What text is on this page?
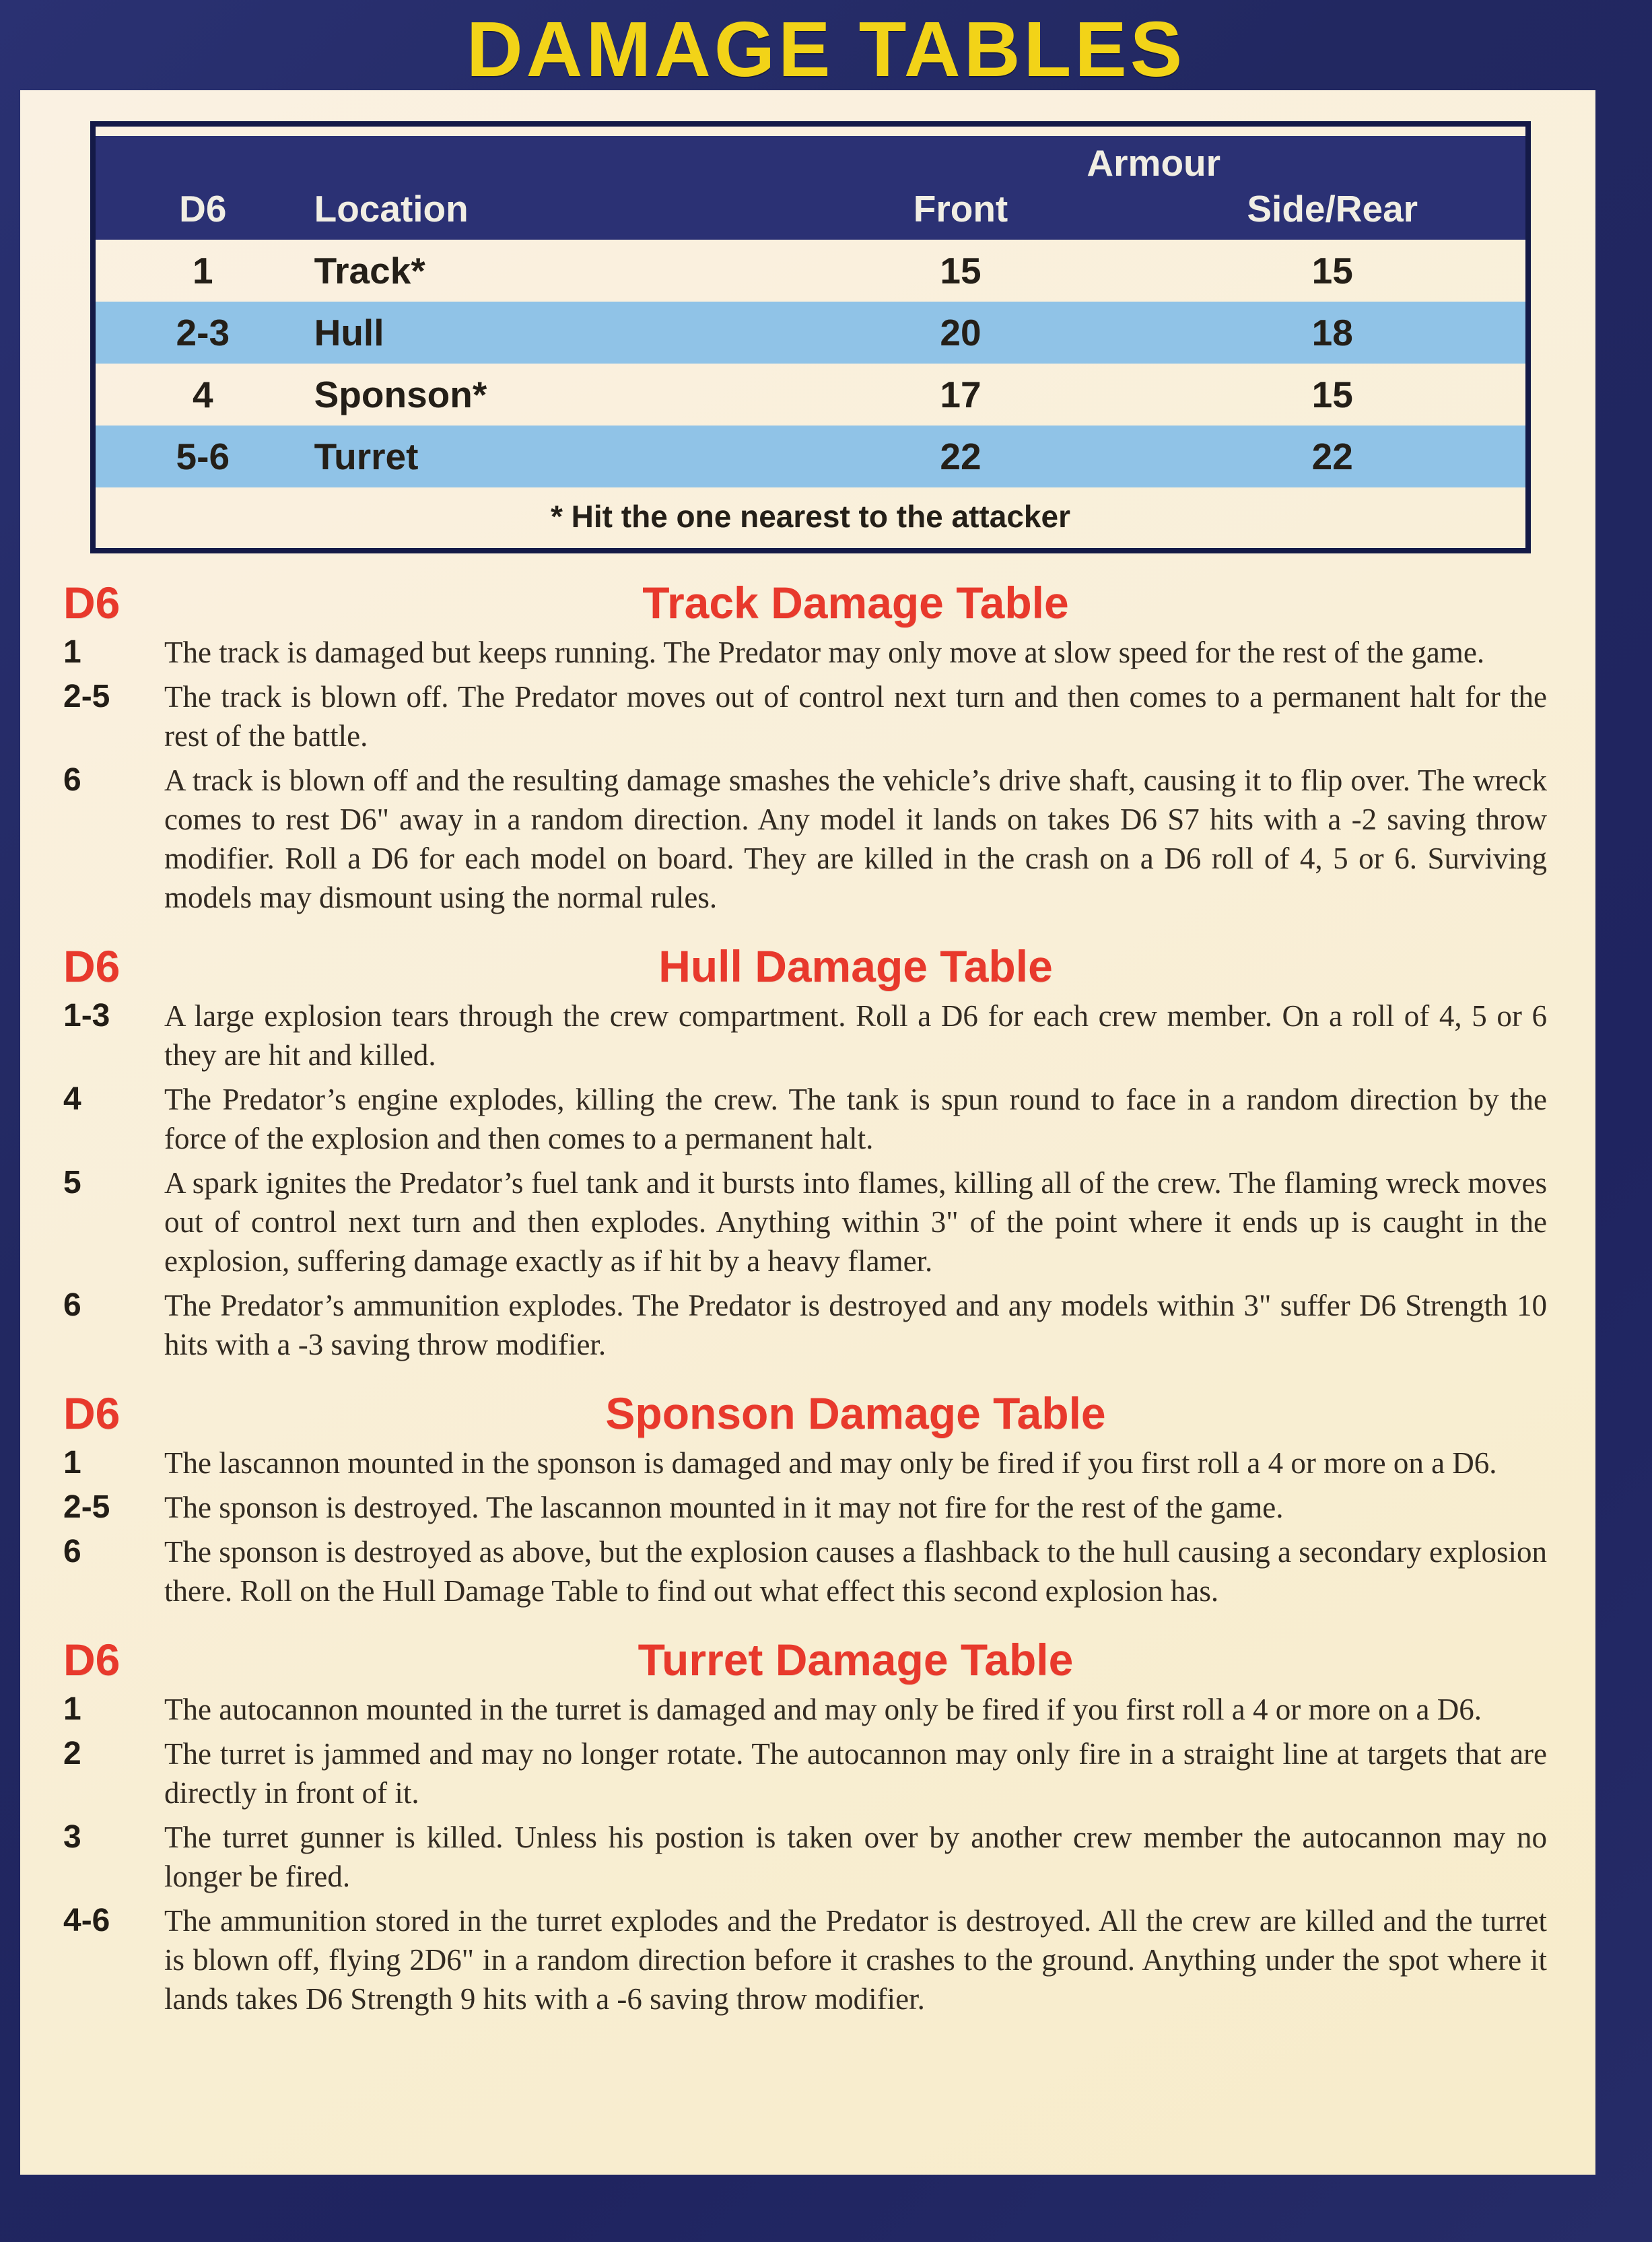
DAMAGE TABLES
Armour
D6	Location	Front	Side/Rear
1	Track*	15	15
2-3	Hull	20	18
4	Sponson*	17	15
5-6	Turret	22	22
* Hit the one nearest to the attacker
D6	Track Damage Table
1	The track is damaged but keeps running. The Predator may only move at slow speed for the rest of the game.
2-5	The track is blown off. The Predator moves out of control next turn and then comes to a permanent halt for the rest of the battle.
6	A track is blown off and the resulting damage smashes the vehicle’s drive shaft, causing it to flip over. The wreck comes to rest D6" away in a random direction. Any model it lands on takes D6 S7 hits with a -2 saving throw modifier. Roll a D6 for each model on board. They are killed in the crash on a D6 roll of 4, 5 or 6. Surviving models may dismount using the normal rules.
D6	Hull Damage Table
1-3	A large explosion tears through the crew compartment. Roll a D6 for each crew member. On a roll of 4, 5 or 6 they are hit and killed.
4	The Predator’s engine explodes, killing the crew. The tank is spun round to face in a random direction by the force of the explosion and then comes to a permanent halt.
5	A spark ignites the Predator’s fuel tank and it bursts into flames, killing all of the crew. The flaming wreck moves out of control next turn and then explodes. Anything within 3" of the point where it ends up is caught in the explosion, suffering damage exactly as if hit by a heavy flamer.
6	The Predator’s ammunition explodes. The Predator is destroyed and any models within 3" suffer D6 Strength 10 hits with a -3 saving throw modifier.
D6	Sponson Damage Table
1	The lascannon mounted in the sponson is damaged and may only be fired if you first roll a 4 or more on a D6.
2-5	The sponson is destroyed. The lascannon mounted in it may not fire for the rest of the game.
6	The sponson is destroyed as above, but the explosion causes a flashback to the hull causing a secondary explosion there. Roll on the Hull Damage Table to find out what effect this second explosion has.
D6	Turret Damage Table
1	The autocannon mounted in the turret is damaged and may only be fired if you first roll a 4 or more on a D6.
2	The turret is jammed and may no longer rotate. The autocannon may only fire in a straight line at targets that are directly in front of it.
3	The turret gunner is killed. Unless his postion is taken over by another crew member the autocannon may no longer be fired.
4-6	The ammunition stored in the turret explodes and the Predator is destroyed. All the crew are killed and the turret is blown off, flying 2D6" in a random direction before it crashes to the ground. Anything under the spot where it lands takes D6 Strength 9 hits with a -6 saving throw modifier.
